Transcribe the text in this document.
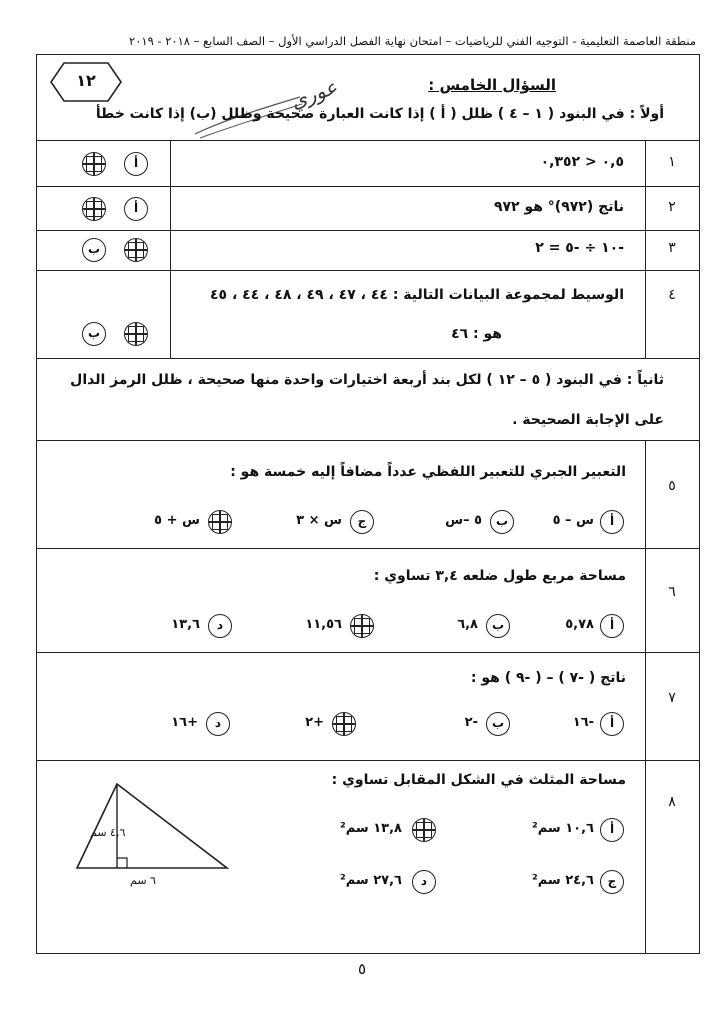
منطقة العاصمة التعليمية - التوجيه الفني للرياضيات – امتحان نهاية الفصل الدراسي الأول – الصف السابع – ٢٠١٨ - ٢٠١٩
١٢	عوري	السؤال الخامس :
أولاً : في البنود ( ١ – ٤ ) ظلل ( أ ) إذا كانت العبارة صحيحة وظلل (ب) إذا كانت خطأ
١
٠,٥ < ٠,٣٥٢
أ
٢
ناتج (٩٧٢)° هو ٩٧٢
أ
٣
‎-١٠ ÷ ‎-٥ = ٢
ب
٤
الوسيط لمجموعة البيانات التالية : ٤٤ ، ٤٧ ، ٤٩ ، ٤٨ ، ٤٤ ، ٤٥
هو : ٤٦
ب
ثانياً : في البنود ( ٥ – ١٢ ) لكل بند أربعة اختيارات واحدة منها صحيحة ، ظلل الرمز الدال
على الإجابة الصحيحة .
٥
التعبير الجبري للتعبير اللفظي عدداً مضافاً إليه خمسة هو :
أ
س – ٥
ب
٥ –س
ج
س × ٣
س + ٥
٦
مساحة مربع طول ضلعه ٣,٤ تساوي :
أ
٥,٧٨
ب
٦,٨
١١,٥٦
د
١٣,٦
٧
ناتج ( ‎-٧ ) – ( ‎-٩ ) هو :
أ
‎-١٦
ب
‎-٢
‎+٢
د
‎+١٦
٨
مساحة المثلث في الشكل المقابل تساوي :
أ
١٠,٦ سم²
١٣,٨ سم²
ج
٢٤,٦ سم²
د
٢٧,٦ سم²
٤,٦ سم
٦ سم
٥
